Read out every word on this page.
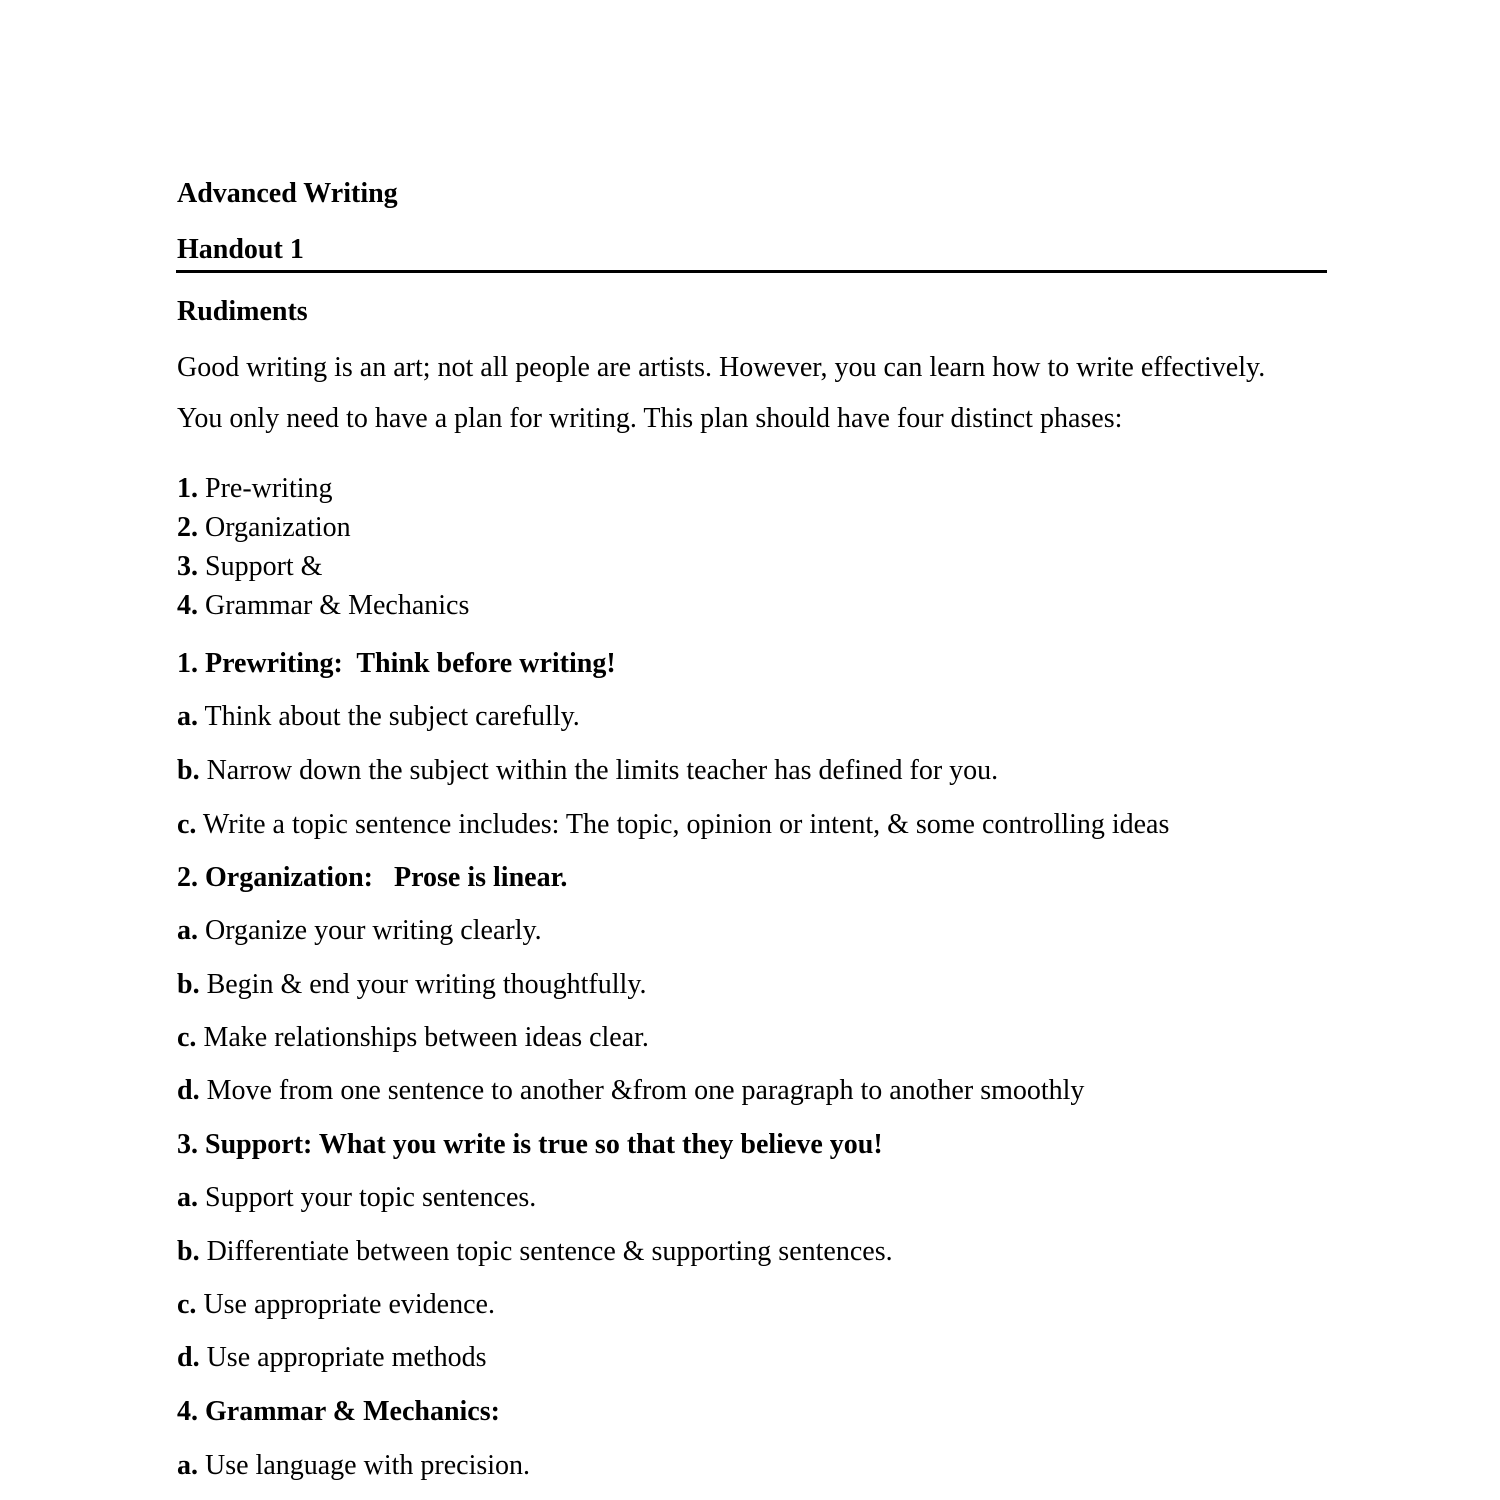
Advanced Writing
Handout 1
Rudiments
Good writing is an art; not all people are artists. However, you can learn how to write effectively.
You only need to have a plan for writing. This plan should have four distinct phases:
1. Pre-writing
2. Organization
3. Support &
4. Grammar & Mechanics
1. Prewriting:  Think before writing!
a. Think about the subject carefully.
b. Narrow down the subject within the limits teacher has defined for you.
c. Write a topic sentence includes: The topic, opinion or intent, & some controlling ideas
2. Organization:   Prose is linear.
a. Organize your writing clearly.
b. Begin & end your writing thoughtfully.
c. Make relationships between ideas clear.
d. Move from one sentence to another &from one paragraph to another smoothly
3. Support: What you write is true so that they believe you!
a. Support your topic sentences.
b. Differentiate between topic sentence & supporting sentences.
c. Use appropriate evidence.
d. Use appropriate methods
4. Grammar & Mechanics:
a. Use language with precision.
